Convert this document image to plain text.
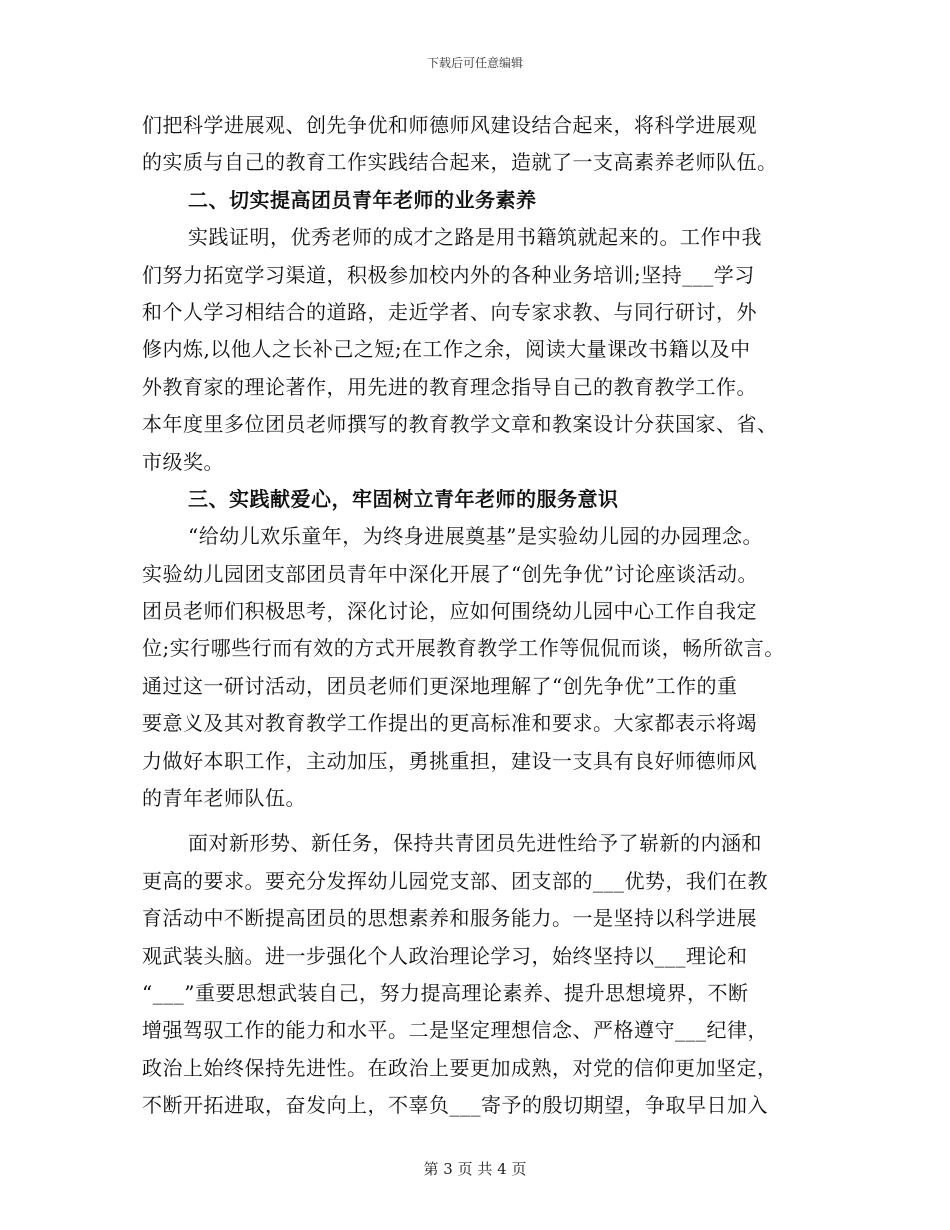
下载后可任意编辑
们把科学进展观、创先争优和师德师风建设结合起来，将科学进展观
的实质与自己的教育工作实践结合起来，造就了一支高素养老师队伍。
二、切实提高团员青年老师的业务素养
实践证明，优秀老师的成才之路是用书籍筑就起来的。工作中我
们努力拓宽学习渠道，积极参加校内外的各种业务培训;坚持___学习
和个人学习相结合的道路，走近学者、向专家求教、与同行研讨，外
修内炼,以他人之长补己之短;在工作之余，阅读大量课改书籍以及中
外教育家的理论著作，用先进的教育理念指导自己的教育教学工作。
本年度里多位团员老师撰写的教育教学文章和教案设计分获国家、省、
市级奖。
三、实践献爱心，牢固树立青年老师的服务意识
“给幼儿欢乐童年，为终身进展奠基”是实验幼儿园的办园理念。
实验幼儿园团支部团员青年中深化开展了“创先争优”讨论座谈活动。
团员老师们积极思考，深化讨论，应如何围绕幼儿园中心工作自我定
位;实行哪些行而有效的方式开展教育教学工作等侃侃而谈，畅所欲言。
通过这一研讨活动，团员老师们更深地理解了“创先争优”工作的重
要意义及其对教育教学工作提出的更高标准和要求。大家都表示将竭
力做好本职工作，主动加压，勇挑重担，建设一支具有良好师德师风
的青年老师队伍。
面对新形势、新任务，保持共青团员先进性给予了崭新的内涵和
更高的要求。要充分发挥幼儿园党支部、团支部的___优势，我们在教
育活动中不断提高团员的思想素养和服务能力。一是坚持以科学进展
观武装头脑。进一步强化个人政治理论学习，始终坚持以___理论和
“___”重要思想武装自己，努力提高理论素养、提升思想境界，不断
增强驾驭工作的能力和水平。二是坚定理想信念、严格遵守___纪律，
政治上始终保持先进性。在政治上要更加成熟，对党的信仰更加坚定，
不断开拓进取，奋发向上，不辜负___寄予的殷切期望，争取早日加入
第 3 页 共 4 页
